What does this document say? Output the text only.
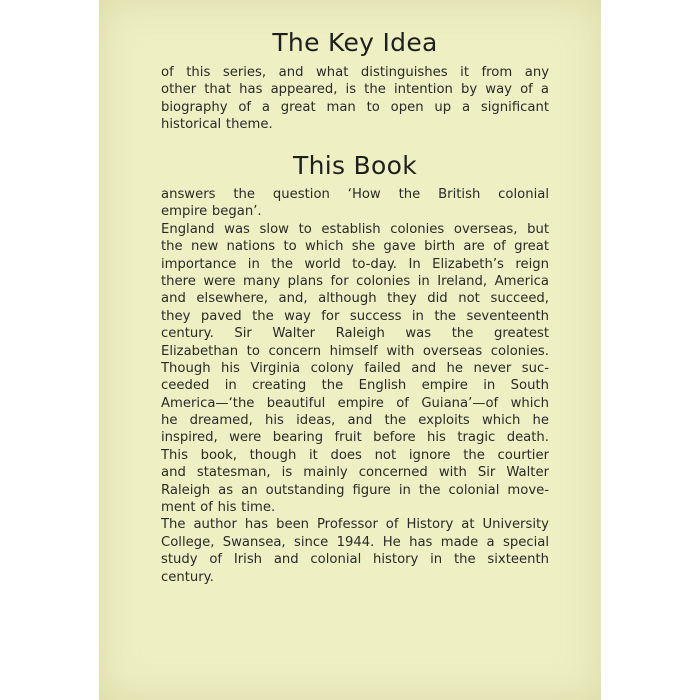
The Key Idea
of this series, and what distinguishes it from any
other that has appeared, is the intention by way of a
biography of a great man to open up a significant
historical theme.
This Book
answers the question ‘How the British colonial
empire began’.
England was slow to establish colonies overseas, but
the new nations to which she gave birth are of great
importance in the world to-day. In Elizabeth’s reign
there were many plans for colonies in Ireland, America
and elsewhere, and, although they did not succeed,
they paved the way for success in the seventeenth
century. Sir Walter Raleigh was the greatest
Elizabethan to concern himself with overseas colonies.
Though his Virginia colony failed and he never suc-
ceeded in creating the English empire in South
America—‘the beautiful empire of Guiana’—of which
he dreamed, his ideas, and the exploits which he
inspired, were bearing fruit before his tragic death.
This book, though it does not ignore the courtier
and statesman, is mainly concerned with Sir Walter
Raleigh as an outstanding figure in the colonial move-
ment of his time.
The author has been Professor of History at University
College, Swansea, since 1944. He has made a special
study of Irish and colonial history in the sixteenth
century.
